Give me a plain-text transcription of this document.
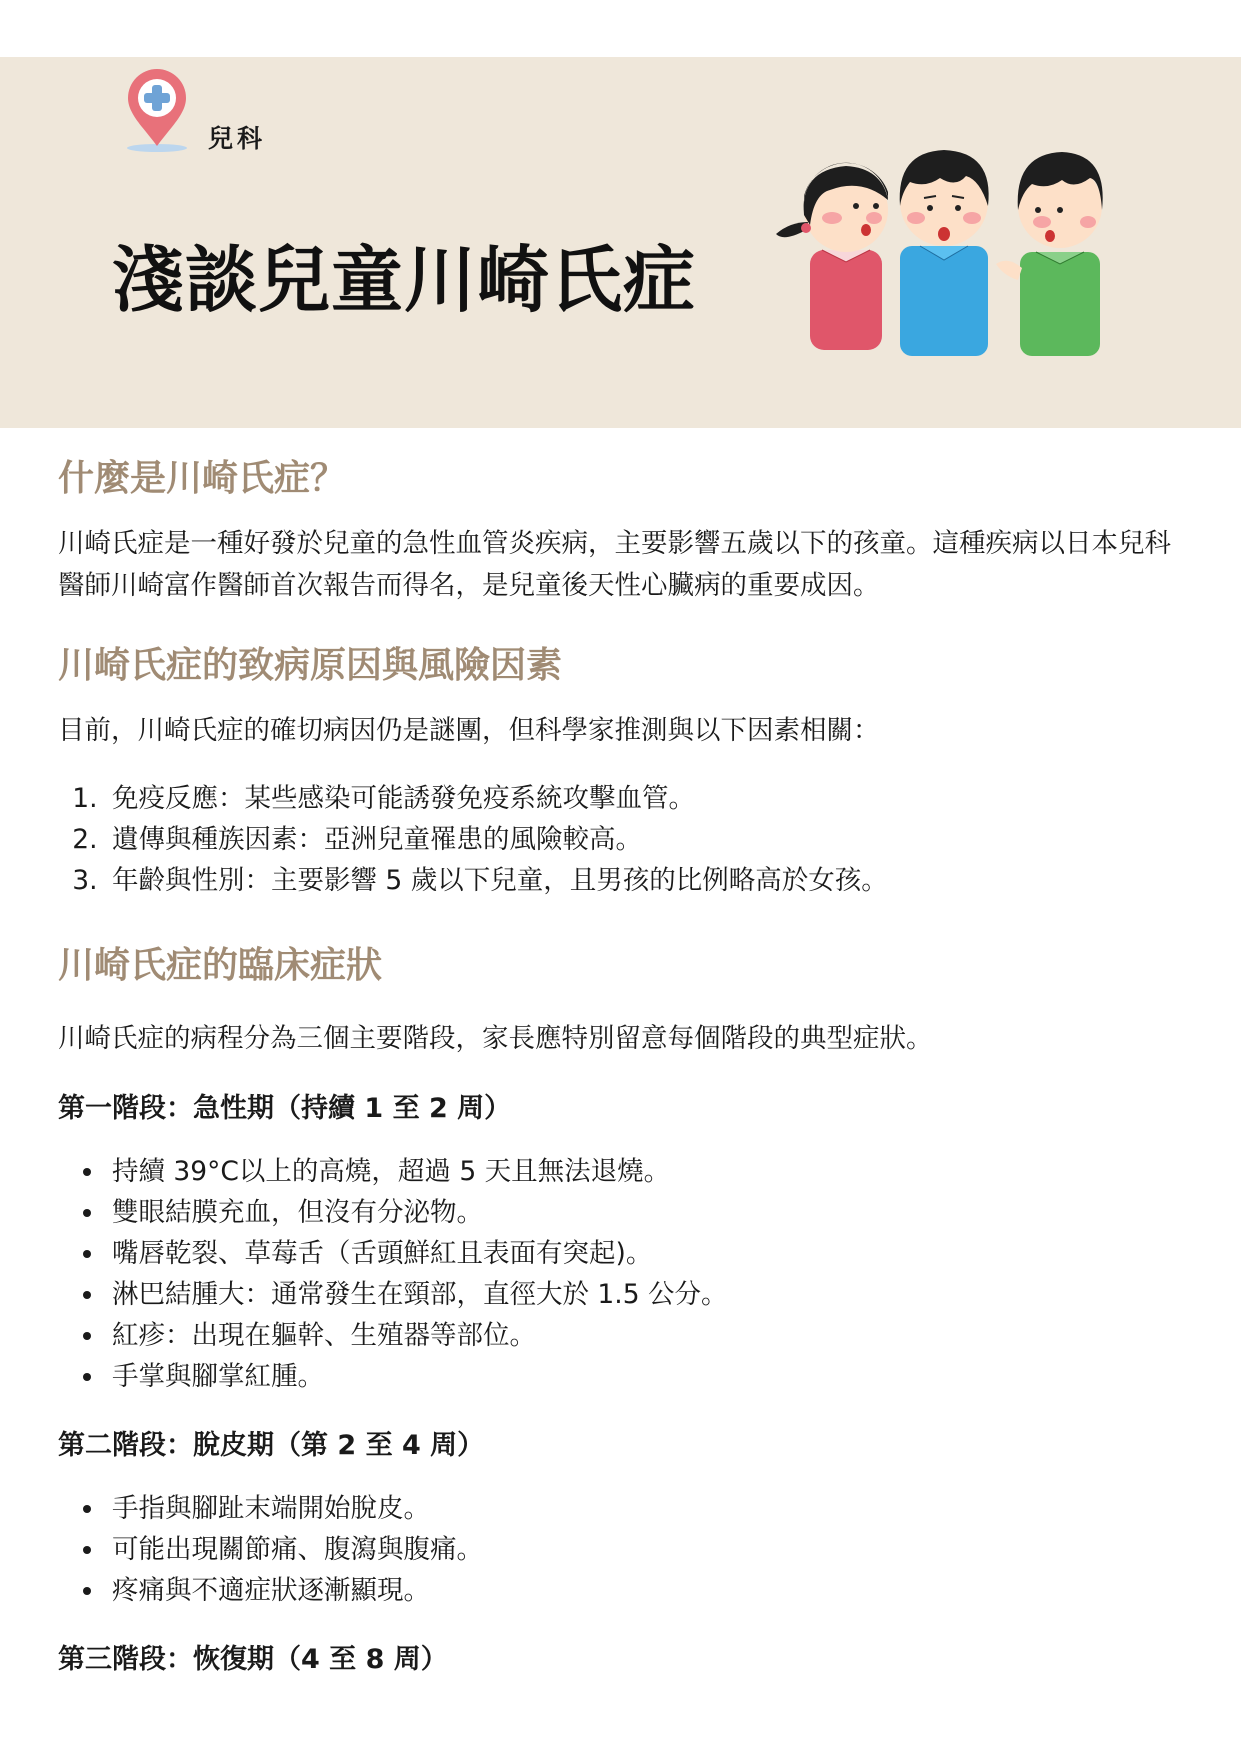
兒科
淺談兒童川崎氏症
什麼是川崎氏症？

川崎氏症是一種好發於兒童的急性血管炎疾病，主要影響五歲以下的孩童。這種疾病以日本兒科醫師川崎富作醫師首次報告而得名，是兒童後天性心臟病的重要成因。

川崎氏症的致病原因與風險因素

目前，川崎氏症的確切病因仍是謎團，但科學家推測與以下因素相關：

1. 免疫反應：某些感染可能誘發免疫系統攻擊血管。
2. 遺傳與種族因素：亞洲兒童罹患的風險較高。
3. 年齡與性別：主要影響 5 歲以下兒童，且男孩的比例略高於女孩。
川崎氏症的臨床症狀

川崎氏症的病程分為三個主要階段，家長應特別留意每個階段的典型症狀。

第一階段：急性期（持續 1 至 2 周）
• 持續 39°C以上的高燒，超過 5 天且無法退燒。
• 雙眼結膜充血，但沒有分泌物。
• 嘴唇乾裂、草莓舌（舌頭鮮紅且表面有突起)。
• 淋巴結腫大：通常發生在頸部，直徑大於 1.5 公分。
• 紅疹：出現在軀幹、生殖器等部位。
• 手掌與腳掌紅腫。
第二階段：脫皮期（第 2 至 4 周）
• 手指與腳趾末端開始脫皮。
• 可能出現關節痛、腹瀉與腹痛。
• 疼痛與不適症狀逐漸顯現。
第三階段：恢復期（4 至 8 周）
